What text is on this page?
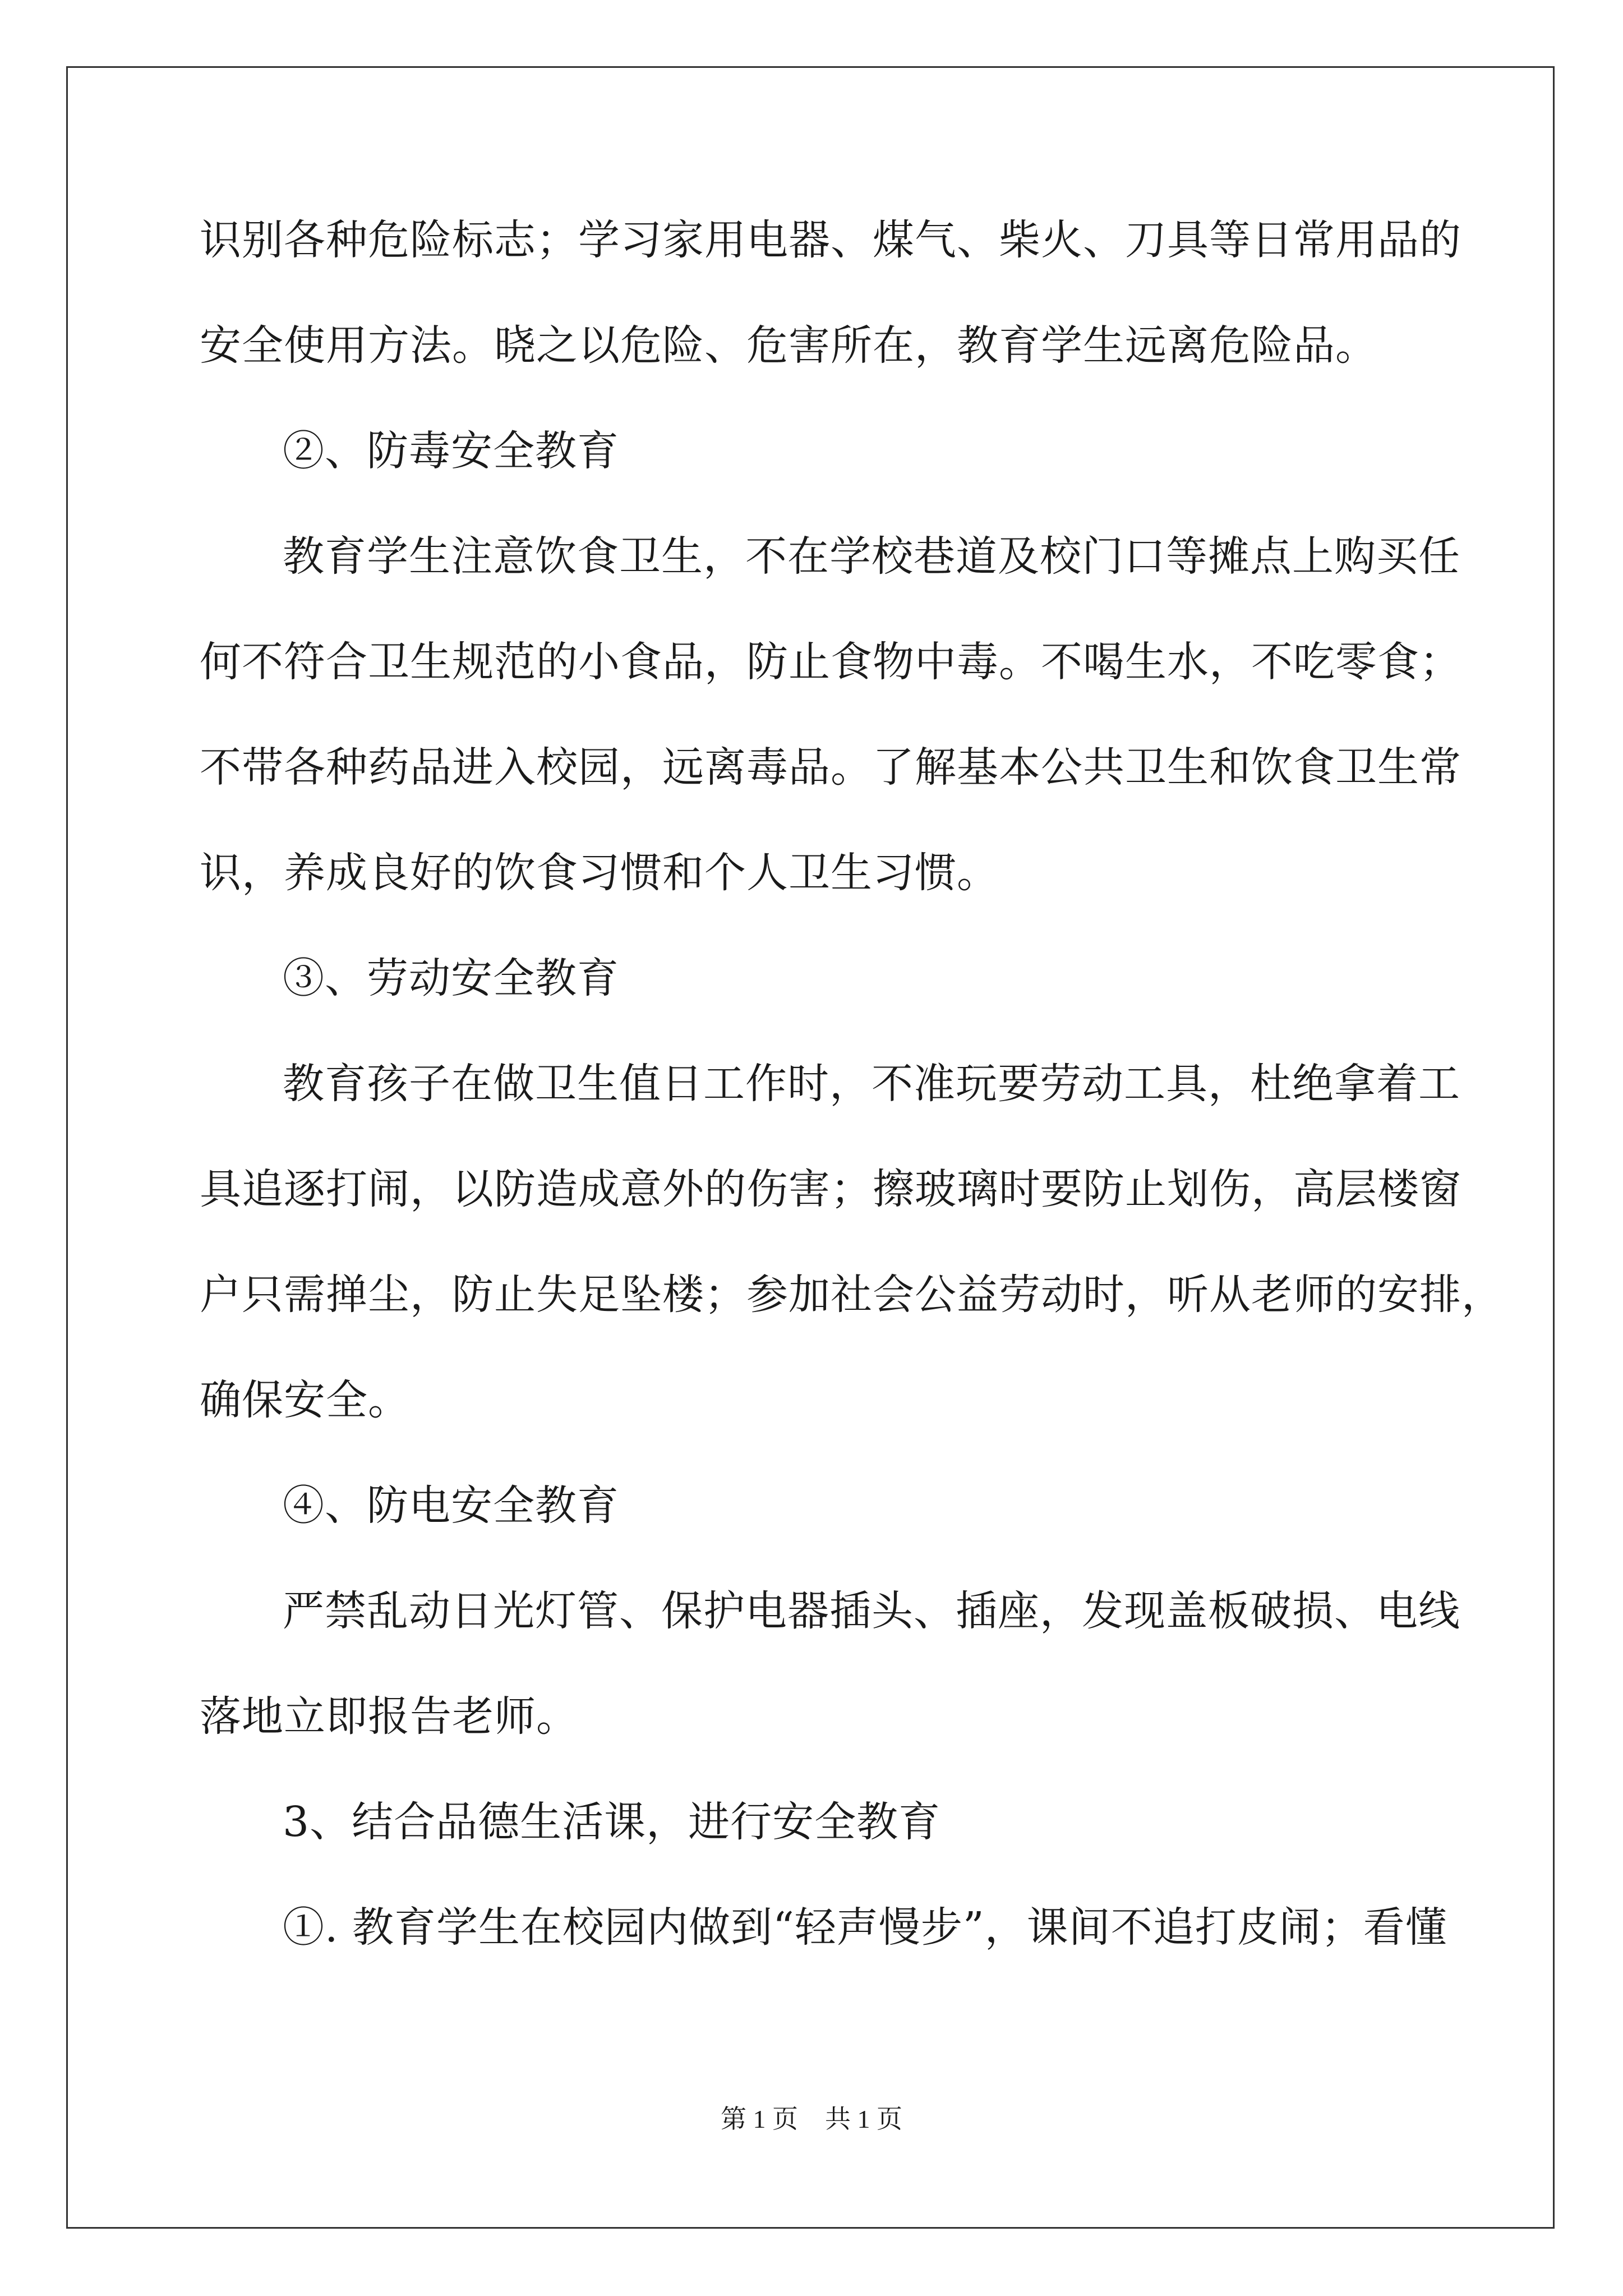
识别各种危险标志；学习家用电器、煤气、柴火、刀具等日常用品的
安全使用方法。晓之以危险、危害所在，教育学生远离危险品。
②、防毒安全教育
教育学生注意饮食卫生，不在学校巷道及校门口等摊点上购买任
何不符合卫生规范的小食品，防止食物中毒。不喝生水，不吃零食；
不带各种药品进入校园，远离毒品。了解基本公共卫生和饮食卫生常
识，养成良好的饮食习惯和个人卫生习惯。
③、劳动安全教育
教育孩子在做卫生值日工作时，不准玩要劳动工具，杜绝拿着工
具追逐打闹，以防造成意外的伤害；擦玻璃时要防止划伤，高层楼窗
户只需掸尘，防止失足坠楼；参加社会公益劳动时，听从老师的安排，
确保安全。
④、防电安全教育
严禁乱动日光灯管、保护电器插头、插座，发现盖板破损、电线
落地立即报告老师。
3、结合品德生活课，进行安全教育
①. 教育学生在校园内做到“轻声慢步”，课间不追打皮闹；看懂
第 1 页 共 1 页
